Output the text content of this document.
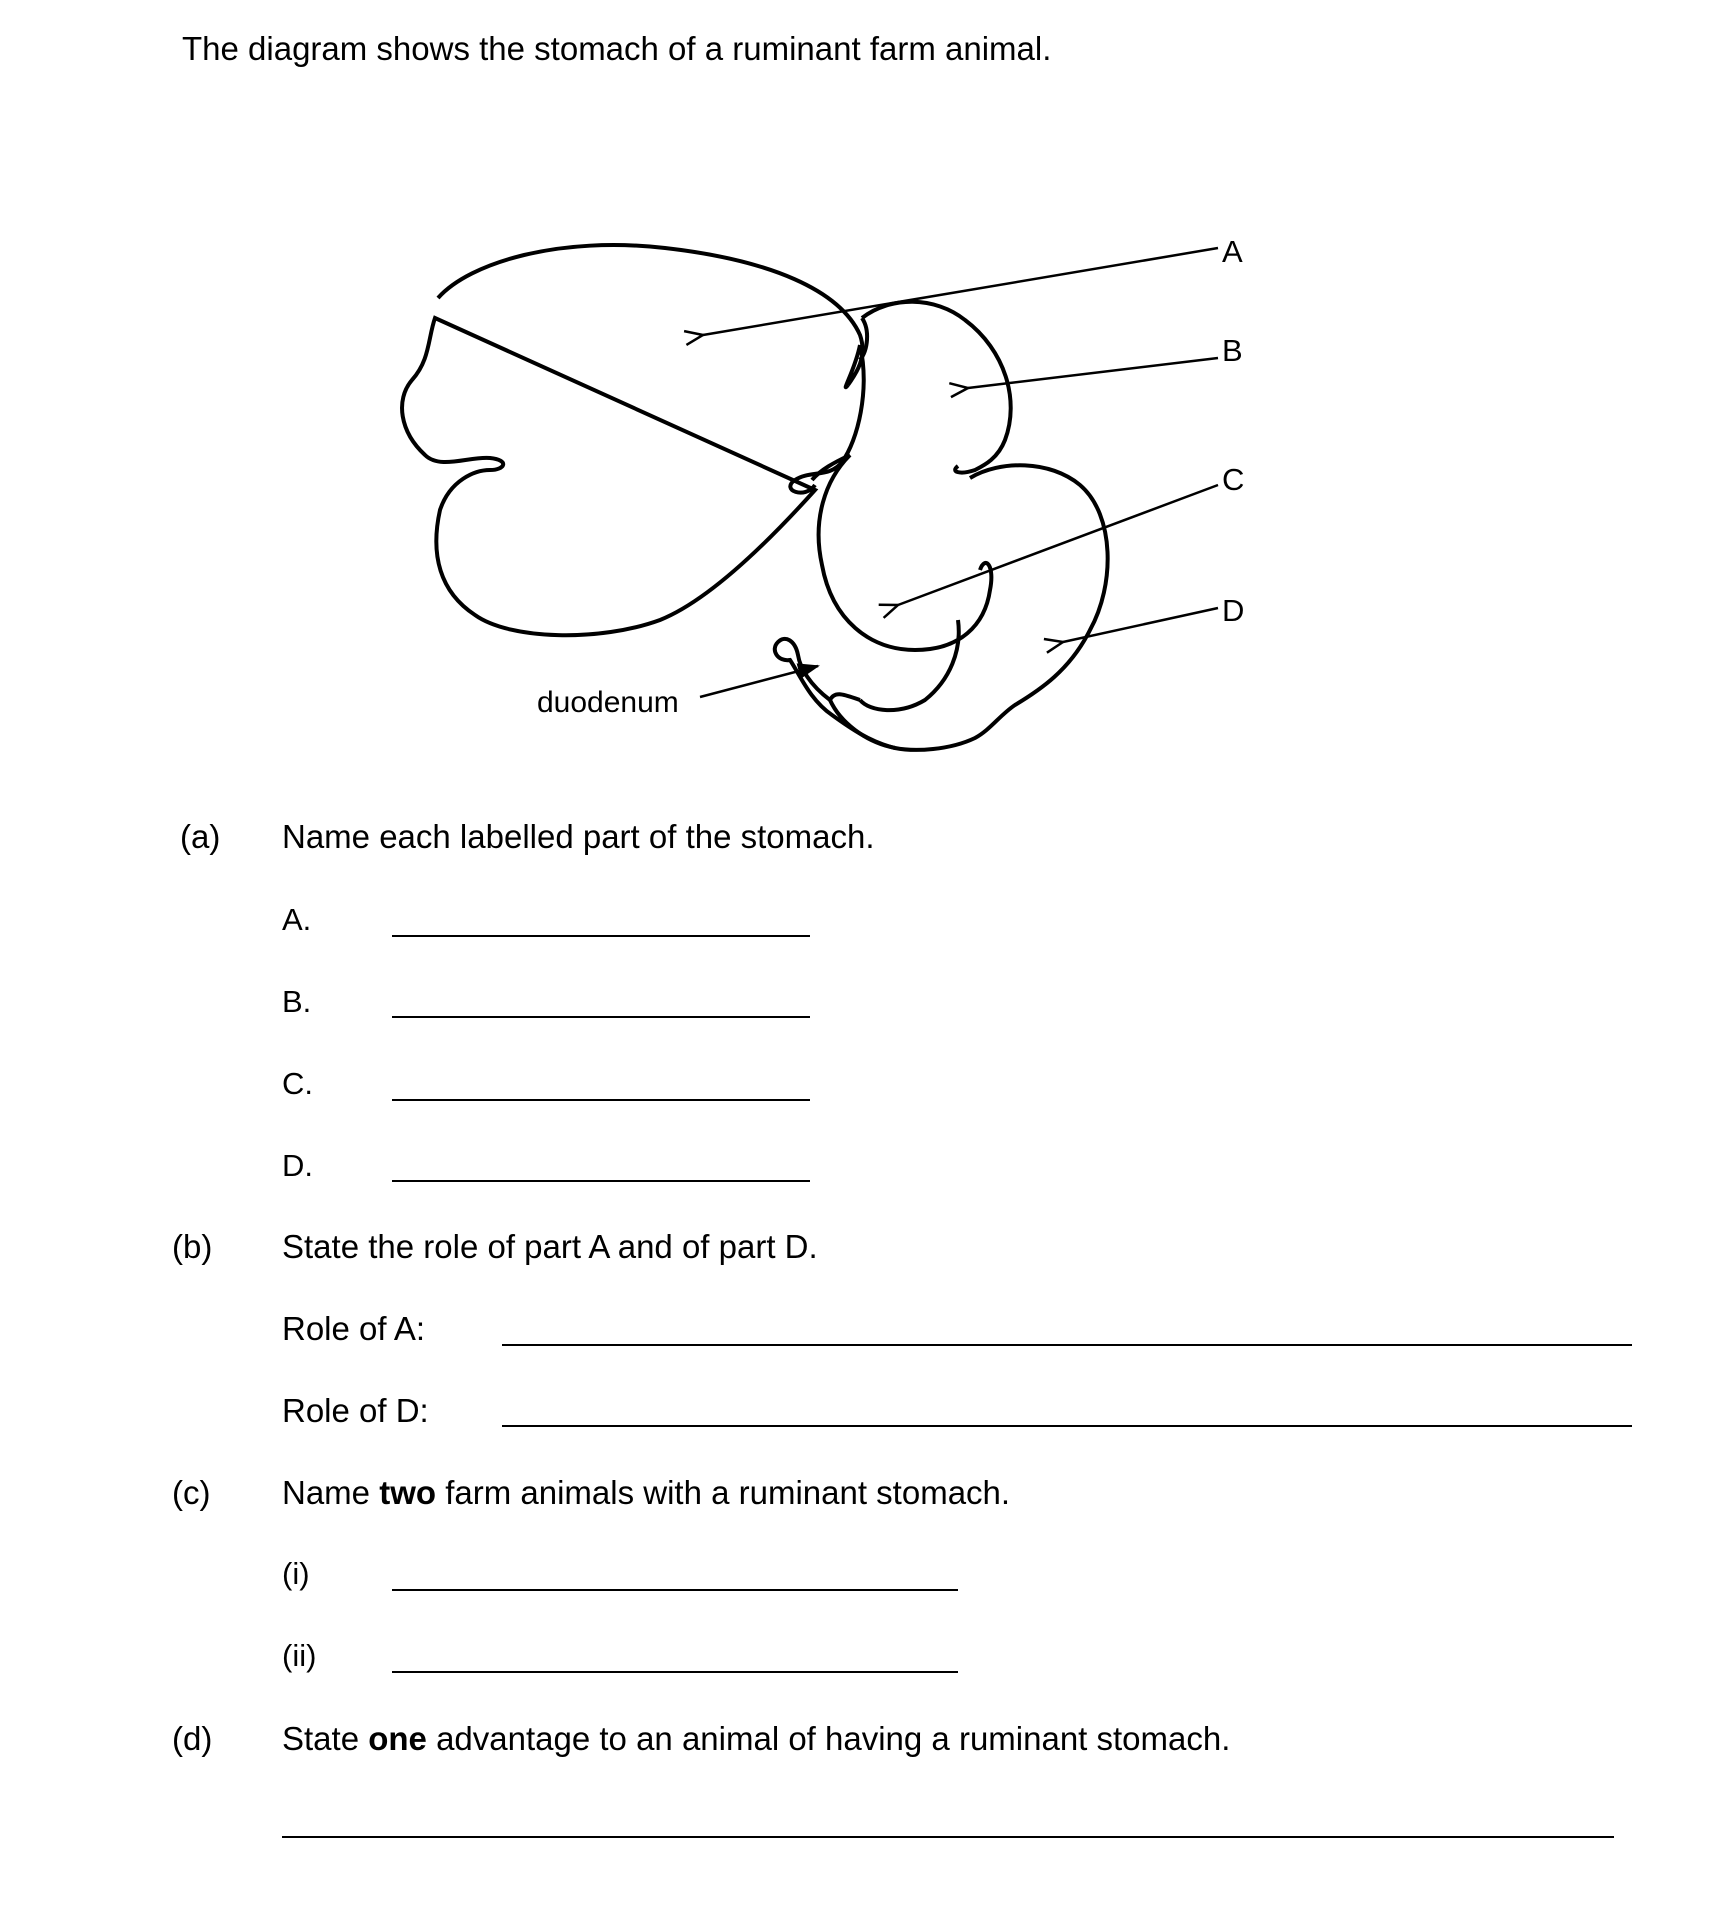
The diagram shows the stomach of a ruminant farm animal.
A
B
C
D
duodenum
(a) Name each labelled part of the stomach.
A.
B.
C.
D.
(b) State the role of part A and of part D.
Role of A:
Role of D:
(c) Name two farm animals with a ruminant stomach.
(i)
(ii)
(d) State one advantage to an animal of having a ruminant stomach.
